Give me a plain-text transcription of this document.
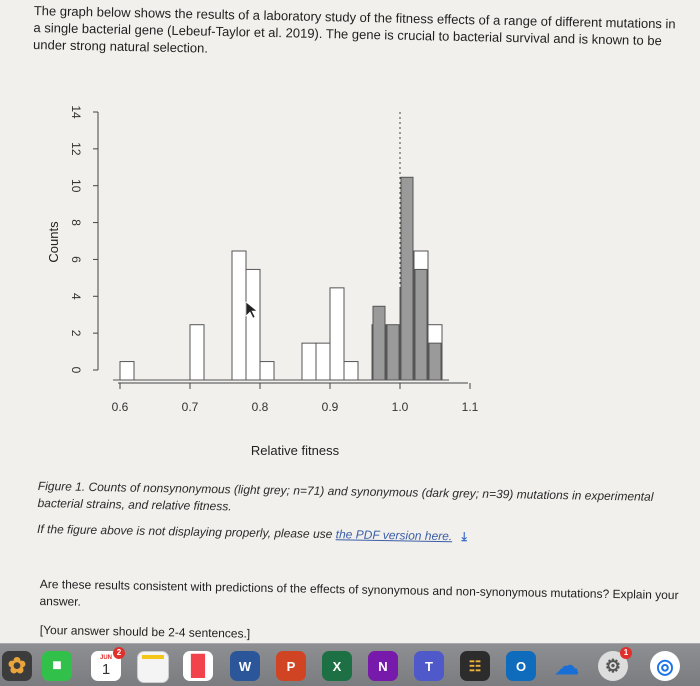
The graph below shows the results of a laboratory study of the fitness effects of a range of different mutations in a single bacterial gene (Lebeuf-Taylor et al. 2019). The gene is crucial to bacterial survival and is known to be under strong natural selection.
0
2
4
6
8
10
12
14
Counts
0.6	0.7	0.8	0.9	1.0	1.1
Relative fitness

Figure 1. Counts of nonsynonymous (light grey; n=71) and synonymous (dark grey; n=39) mutations in experimental bacterial strains, and relative fitness.

If the figure above is not displaying properly, please use the PDF version here. ⤓

Are these results consistent with predictions of the effects of synonymous and non-synonymous mutations? Explain your answer.

[Your answer should be 2-4 sentences.]
✿ ■	JUN
1
2
█	W	P	X	N	T	☷	O ☁ ⚙
1
◎
